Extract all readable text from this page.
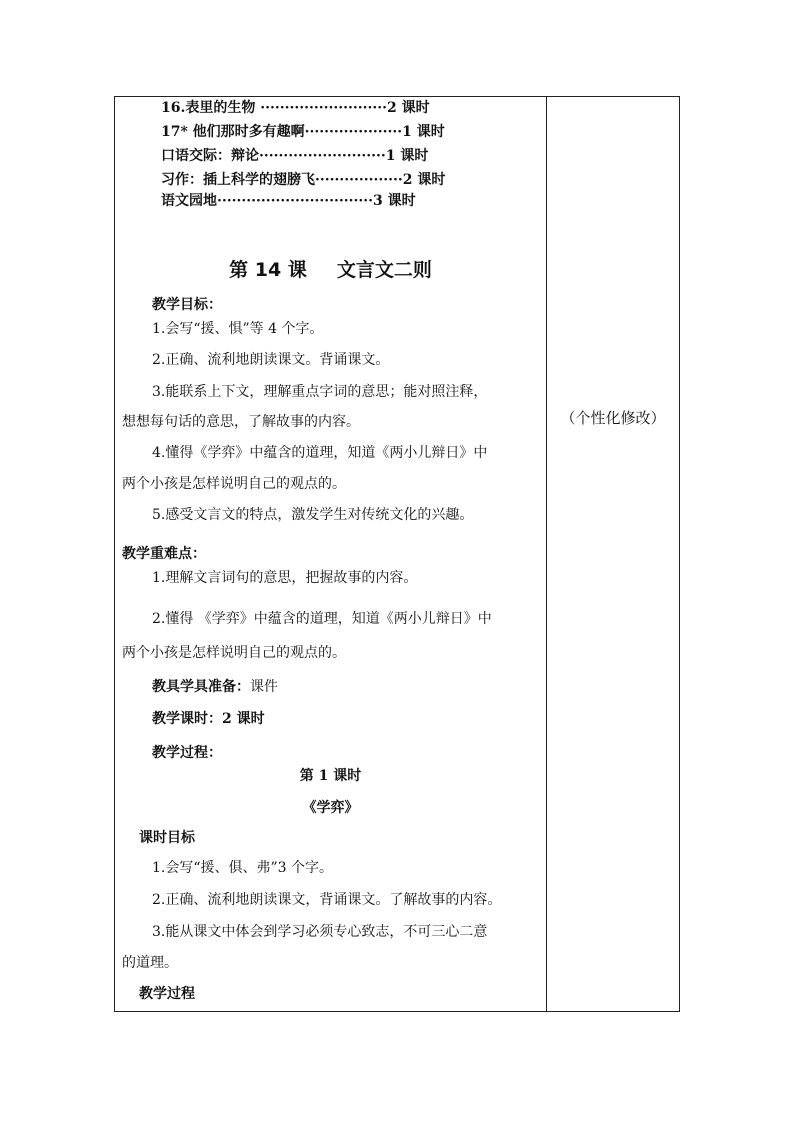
16.表里的生物 ··························2 课时
17* 他们那时多有趣啊····················1 课时
口语交际：辩论··························1 课时
习作：插上科学的翅膀飞··················2 课时
语文园地································3 课时
第 14 课 文言文二则
教学目标：
1.会写“援、惧”等 4 个字。
2.正确、流利地朗读课文。背诵课文。
3.能联系上下文，理解重点字词的意思；能对照注释，
想想每句话的意思，了解故事的内容。
4.懂得《学弈》中蕴含的道理，知道《两小儿辩日》中
两个小孩是怎样说明自己的观点的。
5.感受文言文的特点，激发学生对传统文化的兴趣。
教学重难点：
1.理解文言词句的意思，把握故事的内容。
2.懂得 《学弈》中蕴含的道理，知道《两小儿辩日》中
两个小孩是怎样说明自己的观点的。
教具学具准备：课件
教学课时：2 课时
教学过程：
第 1 课时
《学弈》
课时目标
1.会写“援、俱、弗”3 个字。
2.正确、流利地朗读课文，背诵课文。了解故事的内容。
3.能从课文中体会到学习必须专心致志，不可三心二意
的道理。
教学过程
（个性化修改）
